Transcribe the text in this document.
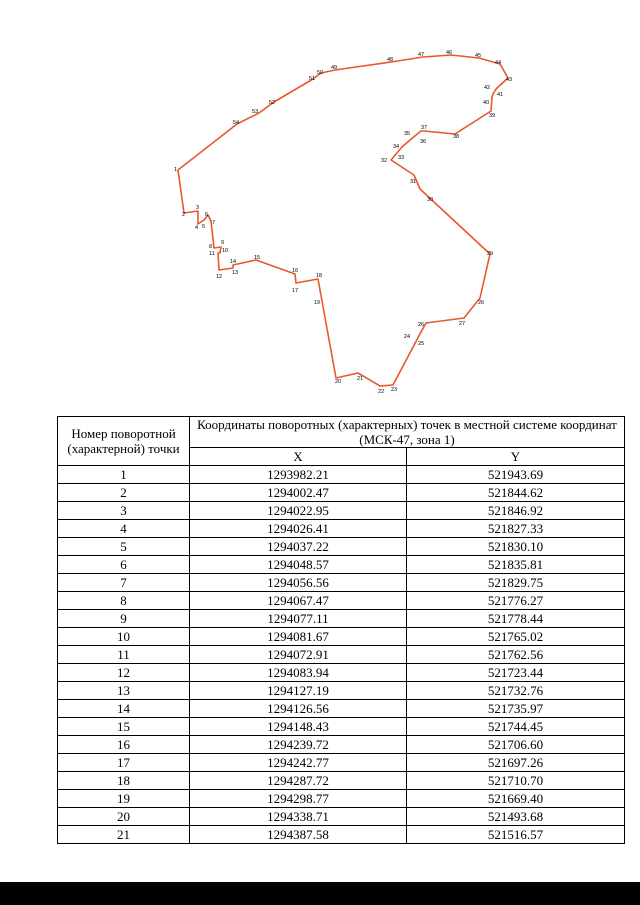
1
2
3
4 5
6
7
8
9
10
11
12
13
14
15
16
17
18
19
20	21
22 23
24
25
26	27
26
29
30
31
32 33
34
35
36
37
38
39
40
41
42
43
44
45
46
47
48
49
50
51
52
53
54
Номер поворотной (характерной) точки	Координаты поворотных (характерных) точек в местной системе координат (МСК-47, зона 1)	
	X	Y
1	1293982.21	521943.69
2	1294002.47	521844.62
3	1294022.95	521846.92
4	1294026.41	521827.33
5	1294037.22	521830.10
6	1294048.57	521835.81
7	1294056.56	521829.75
8	1294067.47	521776.27
9	1294077.11	521778.44
10	1294081.67	521765.02
11	1294072.91	521762.56
12	1294083.94	521723.44
13	1294127.19	521732.76
14	1294126.56	521735.97
15	1294148.43	521744.45
16	1294239.72	521706.60
17	1294242.77	521697.26
18	1294287.72	521710.70
19	1294298.77	521669.40
20	1294338.71	521493.68
21	1294387.58	521516.57
